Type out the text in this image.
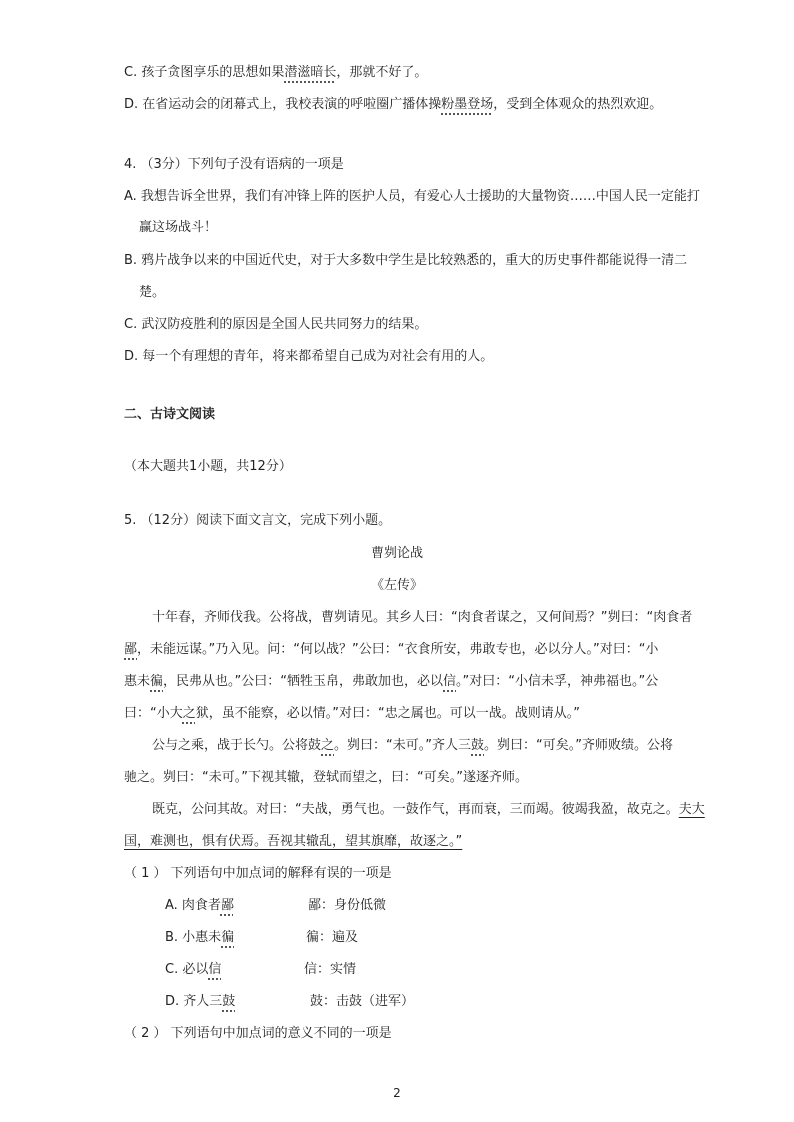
C. 孩子贪图享乐的思想如果潜滋暗长，那就不好了。
D. 在省运动会的闭幕式上，我校表演的呼啦圈广播体操粉墨登场，受到全体观众的热烈欢迎。
4. （3分）下列句子没有语病的一项是
A. 我想告诉全世界，我们有冲锋上阵的医护人员，有爱心人士援助的大量物资……中国人民一定能打
赢这场战斗！
B. 鸦片战争以来的中国近代史，对于大多数中学生是比较熟悉的，重大的历史事件都能说得一清二
楚。
C. 武汉防疫胜利的原因是全国人民共同努力的结果。
D. 每一个有理想的青年，将来都希望自己成为对社会有用的人。
二、古诗文阅读
（本大题共1小题，共12分）
5. （12分）阅读下面文言文，完成下列小题。
曹刿论战
《左传》
十年春，齐师伐我。公将战，曹刿请见。其乡人曰：“肉食者谋之，又何间焉？”刿曰：“肉食者
鄙，未能远谋。”乃入见。问：“何以战？”公曰：“衣食所安，弗敢专也，必以分人。”对曰：“小
惠未徧，民弗从也。”公曰：“牺牲玉帛，弗敢加也，必以信。”对曰：“小信未孚，神弗福也。”公
曰：“小大之狱，虽不能察，必以情。”对曰：“忠之属也。可以一战。战则请从。”
公与之乘，战于长勺。公将鼓之。刿曰：“未可。”齐人三鼓。刿曰：“可矣。”齐师败绩。公将
驰之。刿曰：“未可。”下视其辙，登轼而望之，曰：“可矣。”遂逐齐师。
既克，公问其故。对曰：“夫战，勇气也。一鼓作气，再而衰，三而竭。彼竭我盈，故克之。夫大
国，难测也，惧有伏焉。吾视其辙乱，望其旗靡，故逐之。”
（ 1 ） 下列语句中加点词的解释有误的一项是
A. 肉食者鄙	鄙：身份低微
B. 小惠未徧	徧：遍及
C. 必以信	信：实情
D. 齐人三鼓	鼓：击鼓（进军）
（ 2 ） 下列语句中加点词的意义不同的一项是
2
